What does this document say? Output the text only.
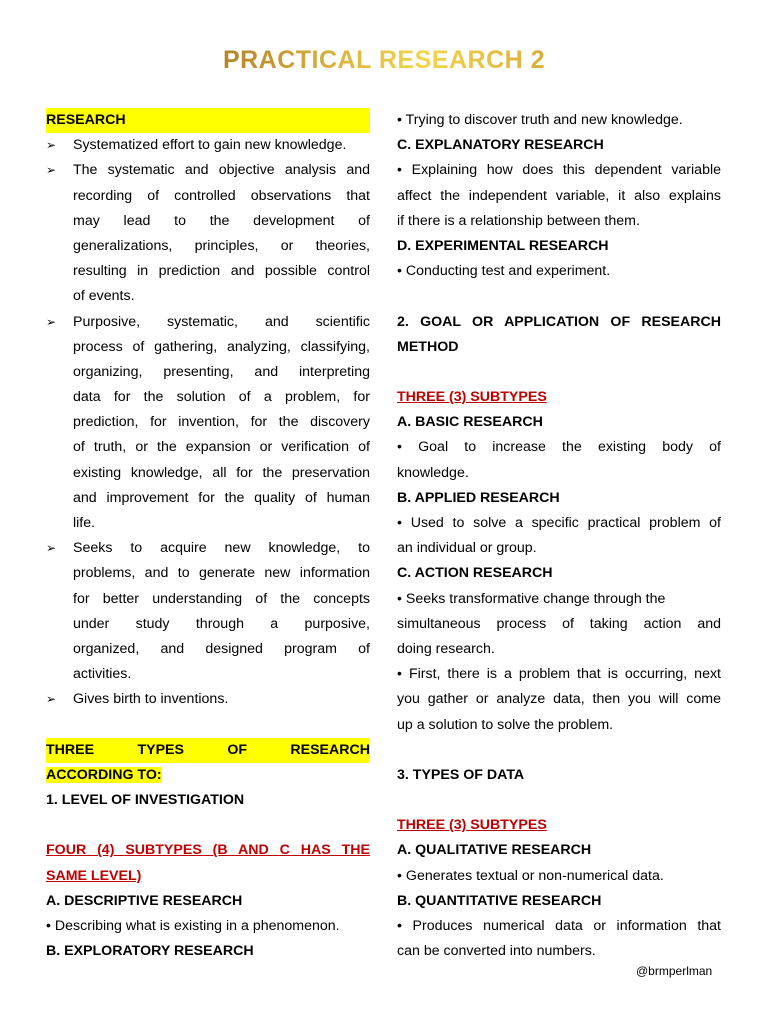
PRACTICAL RESEARCH 2
RESEARCH
➢ Systematized effort to gain new knowledge.
➢ The systematic and objective analysis and
recording of controlled observations that
may lead to the development of
generalizations, principles, or theories,
resulting in prediction and possible control
of events.
➢ Purposive, systematic, and scientific
process of gathering, analyzing, classifying,
organizing, presenting, and interpreting
data for the solution of a problem, for
prediction, for invention, for the discovery
of truth, or the expansion or verification of
existing knowledge, all for the preservation
and improvement for the quality of human
life.
➢ Seeks to acquire new knowledge, to
problems, and to generate new information
for better understanding of the concepts
under study through a purposive,
organized, and designed program of
activities.
➢ Gives birth to inventions.
THREE TYPES OF RESEARCH
ACCORDING TO:
1. LEVEL OF INVESTIGATION
FOUR (4) SUBTYPES (B AND C HAS THE
SAME LEVEL)
A. DESCRIPTIVE RESEARCH
• Describing what is existing in a phenomenon.
B. EXPLORATORY RESEARCH
• Trying to discover truth and new knowledge.
C. EXPLANATORY RESEARCH
• Explaining how does this dependent variable
affect the independent variable, it also explains
if there is a relationship between them.
D. EXPERIMENTAL RESEARCH
• Conducting test and experiment.
2. GOAL OR APPLICATION OF RESEARCH
METHOD
THREE (3) SUBTYPES
A. BASIC RESEARCH
• Goal to increase the existing body of
knowledge.
B. APPLIED RESEARCH
• Used to solve a specific practical problem of
an individual or group.
C. ACTION RESEARCH
• Seeks transformative change through the
simultaneous process of taking action and
doing research.
• First, there is a problem that is occurring, next
you gather or analyze data, then you will come
up a solution to solve the problem.
3. TYPES OF DATA
THREE (3) SUBTYPES
A. QUALITATIVE RESEARCH
• Generates textual or non-numerical data.
B. QUANTITATIVE RESEARCH
• Produces numerical data or information that
can be converted into numbers.
@brmperlman
